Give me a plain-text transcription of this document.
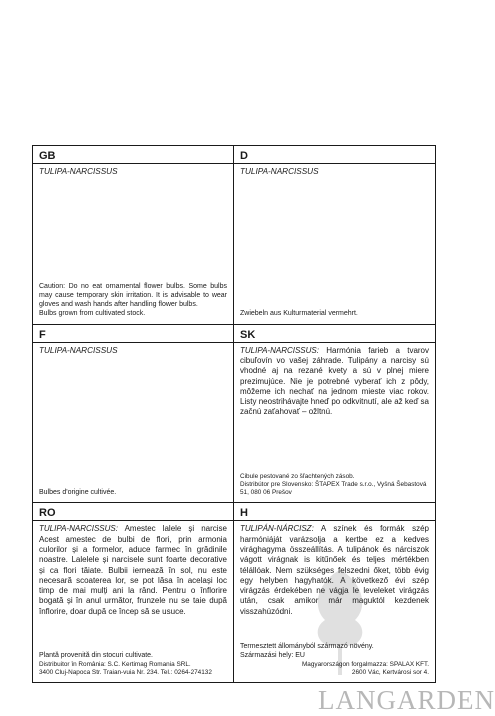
GB
TULIPA-NARCISSUS
Caution: Do no eat ornamental flower bulbs. Some bulbs may cause temporary skin irritation. It is advisable to wear gloves and wash hands after handling flower bulbs.
Bulbs grown from cultivated stock.
D
TULIPA-NARCISSUS
Zwiebeln aus Kulturmaterial vermehrt.
F
TULIPA-NARCISSUS
Bulbes d'origine cultivée.
SK
TULIPA-NARCISSUS: Harmónia farieb a tvarov cibuľovín vo vašej záhrade. Tulipány a narcisy sú vhodné aj na rezané kvety a sú v plnej miere prezimujúce. Nie je potrebné vyberať ich z pôdy, môžeme ich nechať na jednom mieste viac rokov. Listy neostrihávajte hneď po odkvitnutí, ale až keď sa začnú zaťahovať – ožltnú.
Cibule pestované zo šľachtených zásob.
Distribútor pre Slovensko: ŠTAPEX Trade s.r.o., Vyšná Šebastová 51, 080 06 Prešov
RO
TULIPA-NARCISSUS: Amestec lalele și narcise Acest amestec de bulbi de flori, prin armonia culorilor și a formelor, aduce farmec în grădinile noastre. Lalelele și narcisele sunt foarte decorative și ca flori tăiate. Bulbii iernează în sol, nu este necesară scoaterea lor, se pot lăsa în același loc timp de mai mulți ani la rând. Pentru o înflorire bogată și în anul următor, frunzele nu se taie după înflorire, doar după ce încep să se usuce.
Plantă provenită din stocuri cultivate.
Distribuitor în România: S.C. Kertimag Romania SRL.
3400 Cluj-Napoca Str. Traian-vuia Nr. 234. Tel.: 0264-274132
H
TULIPÁN-NÁRCISZ: A színek és formák szép harmóniáját varázsolja a kertbe ez a kedves virághagyma összeállítás. A tulipánok és nárciszok vágott virágnak is kitűnőek és teljes mértékben télállóak. Nem szükséges felszedni őket, több évig egy helyben hagyhatók. A következő évi szép virágzás érdekében ne vágja le leveleket virágzás után, csak amikor már maguktól kezdenek visszahúzódni.
Termesztett állományból származó növény.
Származási hely: EU
Magyarországon forgalmazza: SPALAX KFT.
2600 Vác, Kertvárosi sor 4.
LANGARDEN
